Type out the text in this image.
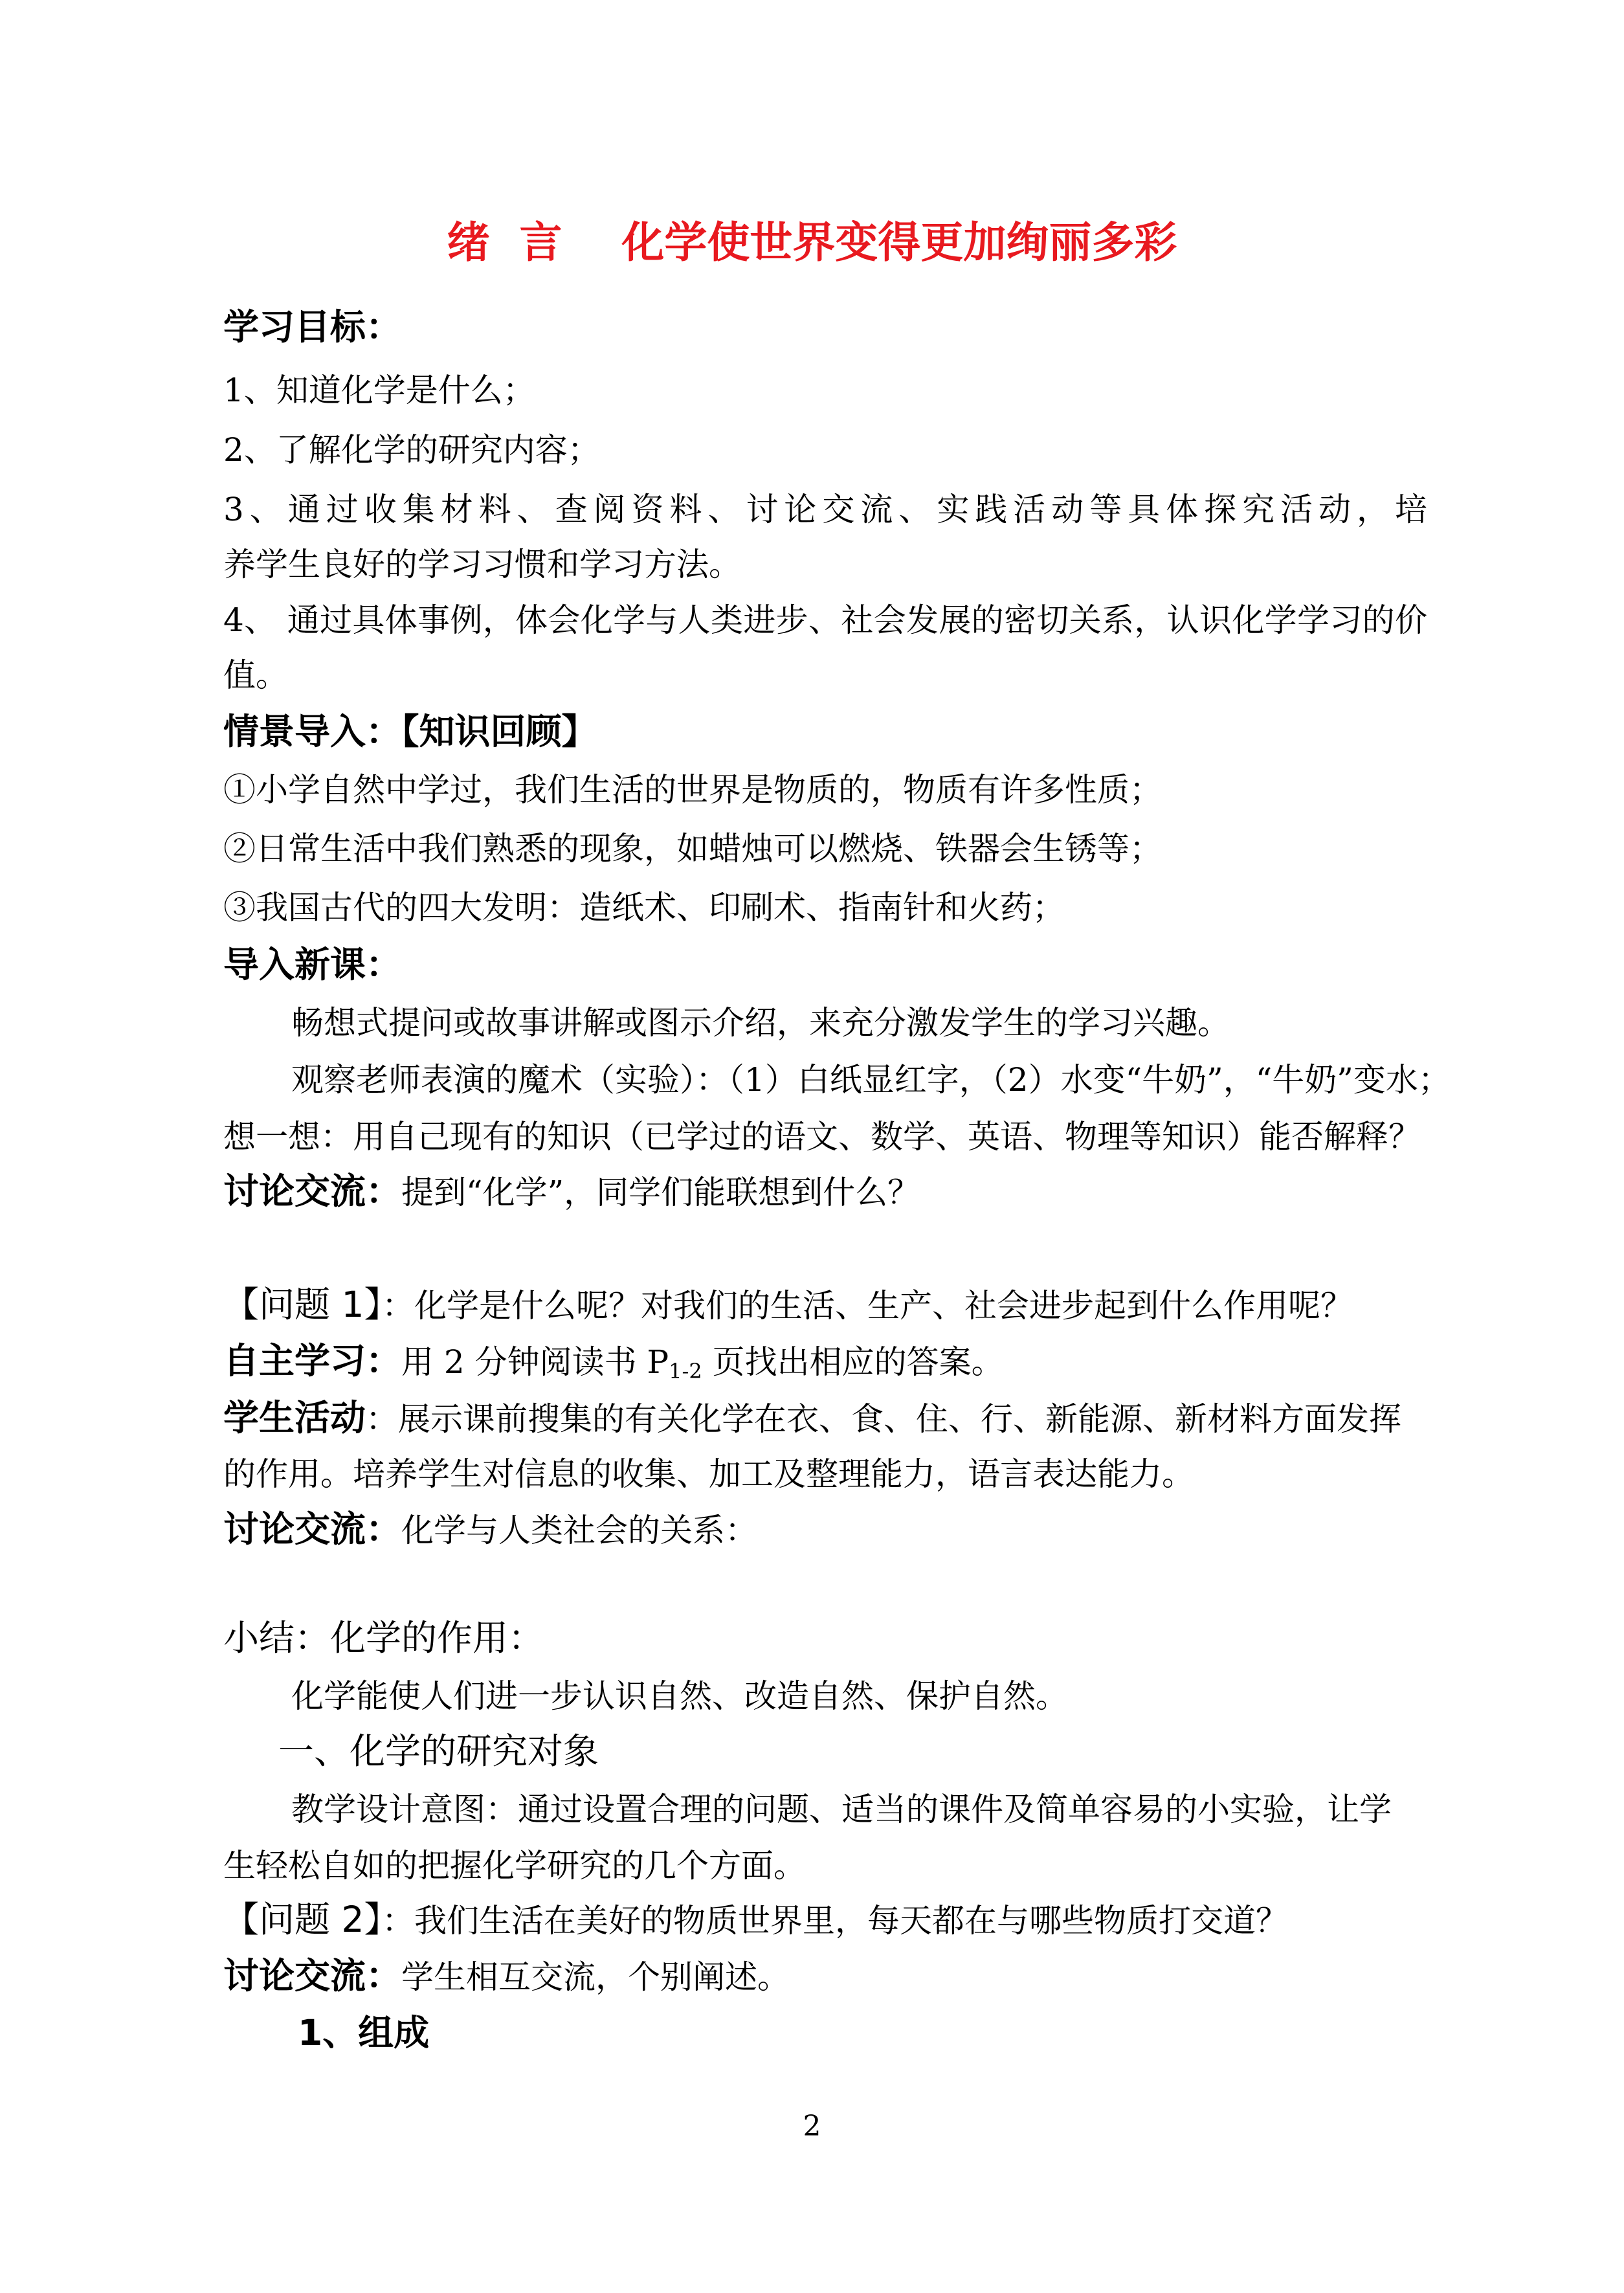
绪  言    化学使世界变得更加绚丽多彩

学习目标：

1、知道化学是什么；

2、了解化学的研究内容；

3、通过收集材料、查阅资料、讨论交流、实践活动等具体探究活动，培

养学生良好的学习习惯和学习方法。

4、 通过具体事例，体会化学与人类进步、社会发展的密切关系，认识化学学习的价

值。

情景导入：【知识回顾】

①小学自然中学过，我们生活的世界是物质的，物质有许多性质；

②日常生活中我们熟悉的现象，如蜡烛可以燃烧、铁器会生锈等；

③我国古代的四大发明：造纸术、印刷术、指南针和火药；

导入新课：

畅想式提问或故事讲解或图示介绍，来充分激发学生的学习兴趣。

观察老师表演的魔术（实验）：（1）白纸显红字，（2）水变“牛奶”，“牛奶”变水；

想一想：用自己现有的知识（已学过的语文、数学、英语、物理等知识）能否解释？

讨论交流：提到“化学”，同学们能联想到什么？

【问题 1】：化学是什么呢？对我们的生活、生产、社会进步起到什么作用呢？

自主学习：用 2 分钟阅读书 $P_{1-2}$ 页找出相应的答案。

学生活动：展示课前搜集的有关化学在衣、食、住、行、新能源、新材料方面发挥

的作用。培养学生对信息的收集、加工及整理能力，语言表达能力。

讨论交流：化学与人类社会的关系：

小结：化学的作用：

化学能使人们进一步认识自然、改造自然、保护自然。

一、化学的研究对象

教学设计意图：通过设置合理的问题、适当的课件及简单容易的小实验，让学

生轻松自如的把握化学研究的几个方面。

【问题 2】：我们生活在美好的物质世界里，每天都在与哪些物质打交道？

讨论交流：学生相互交流，个别阐述。

1、组成

2
